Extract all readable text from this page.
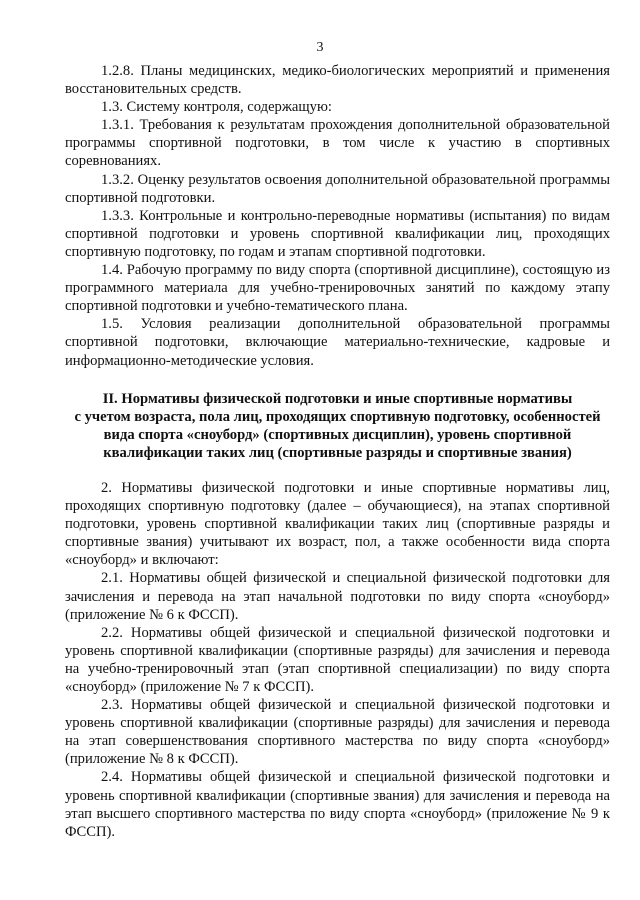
3

1.2.8. Планы медицинских, медико-биологических мероприятий и применения восстановительных средств.

1.3. Систему контроля, содержащую:

1.3.1. Требования к результатам прохождения дополнительной образовательной программы спортивной подготовки, в том числе к участию в спортивных соревнованиях.

1.3.2. Оценку результатов освоения дополнительной образовательной программы спортивной подготовки.

1.3.3. Контрольные и контрольно-переводные нормативы (испытания) по видам спортивной подготовки и уровень спортивной квалификации лиц, проходящих спортивную подготовку, по годам и этапам спортивной подготовки.

1.4. Рабочую программу по виду спорта (спортивной дисциплине), состоящую из программного материала для учебно-тренировочных занятий по каждому этапу спортивной подготовки и учебно-тематического плана.

1.5. Условия реализации дополнительной образовательной программы спортивной подготовки, включающие материально-технические, кадровые и информационно-методические условия.

II. Нормативы физической подготовки и иные спортивные нормативы
с учетом возраста, пола лиц, проходящих спортивную подготовку, особенностей
вида спорта «сноуборд» (спортивных дисциплин), уровень спортивной
квалификации таких лиц (спортивные разряды и спортивные звания)

2. Нормативы физической подготовки и иные спортивные нормативы лиц, проходящих спортивную подготовку (далее – обучающиеся), на этапах спортивной подготовки, уровень спортивной квалификации таких лиц (спортивные разряды и спортивные звания) учитывают их возраст, пол, а также особенности вида спорта «сноуборд» и включают:

2.1. Нормативы общей физической и специальной физической подготовки для зачисления и перевода на этап начальной подготовки по виду спорта «сноуборд» (приложение № 6 к ФССП).

2.2. Нормативы общей физической и специальной физической подготовки и уровень спортивной квалификации (спортивные разряды) для зачисления и перевода на учебно-тренировочный этап (этап спортивной специализации) по виду спорта «сноуборд» (приложение № 7 к ФССП).

2.3. Нормативы общей физической и специальной физической подготовки и уровень спортивной квалификации (спортивные разряды) для зачисления и перевода на этап совершенствования спортивного мастерства по виду спорта «сноуборд» (приложение № 8 к ФССП).

2.4. Нормативы общей физической и специальной физической подготовки и уровень спортивной квалификации (спортивные звания) для зачисления и перевода на этап высшего спортивного мастерства по виду спорта «сноуборд» (приложение № 9 к ФССП).
